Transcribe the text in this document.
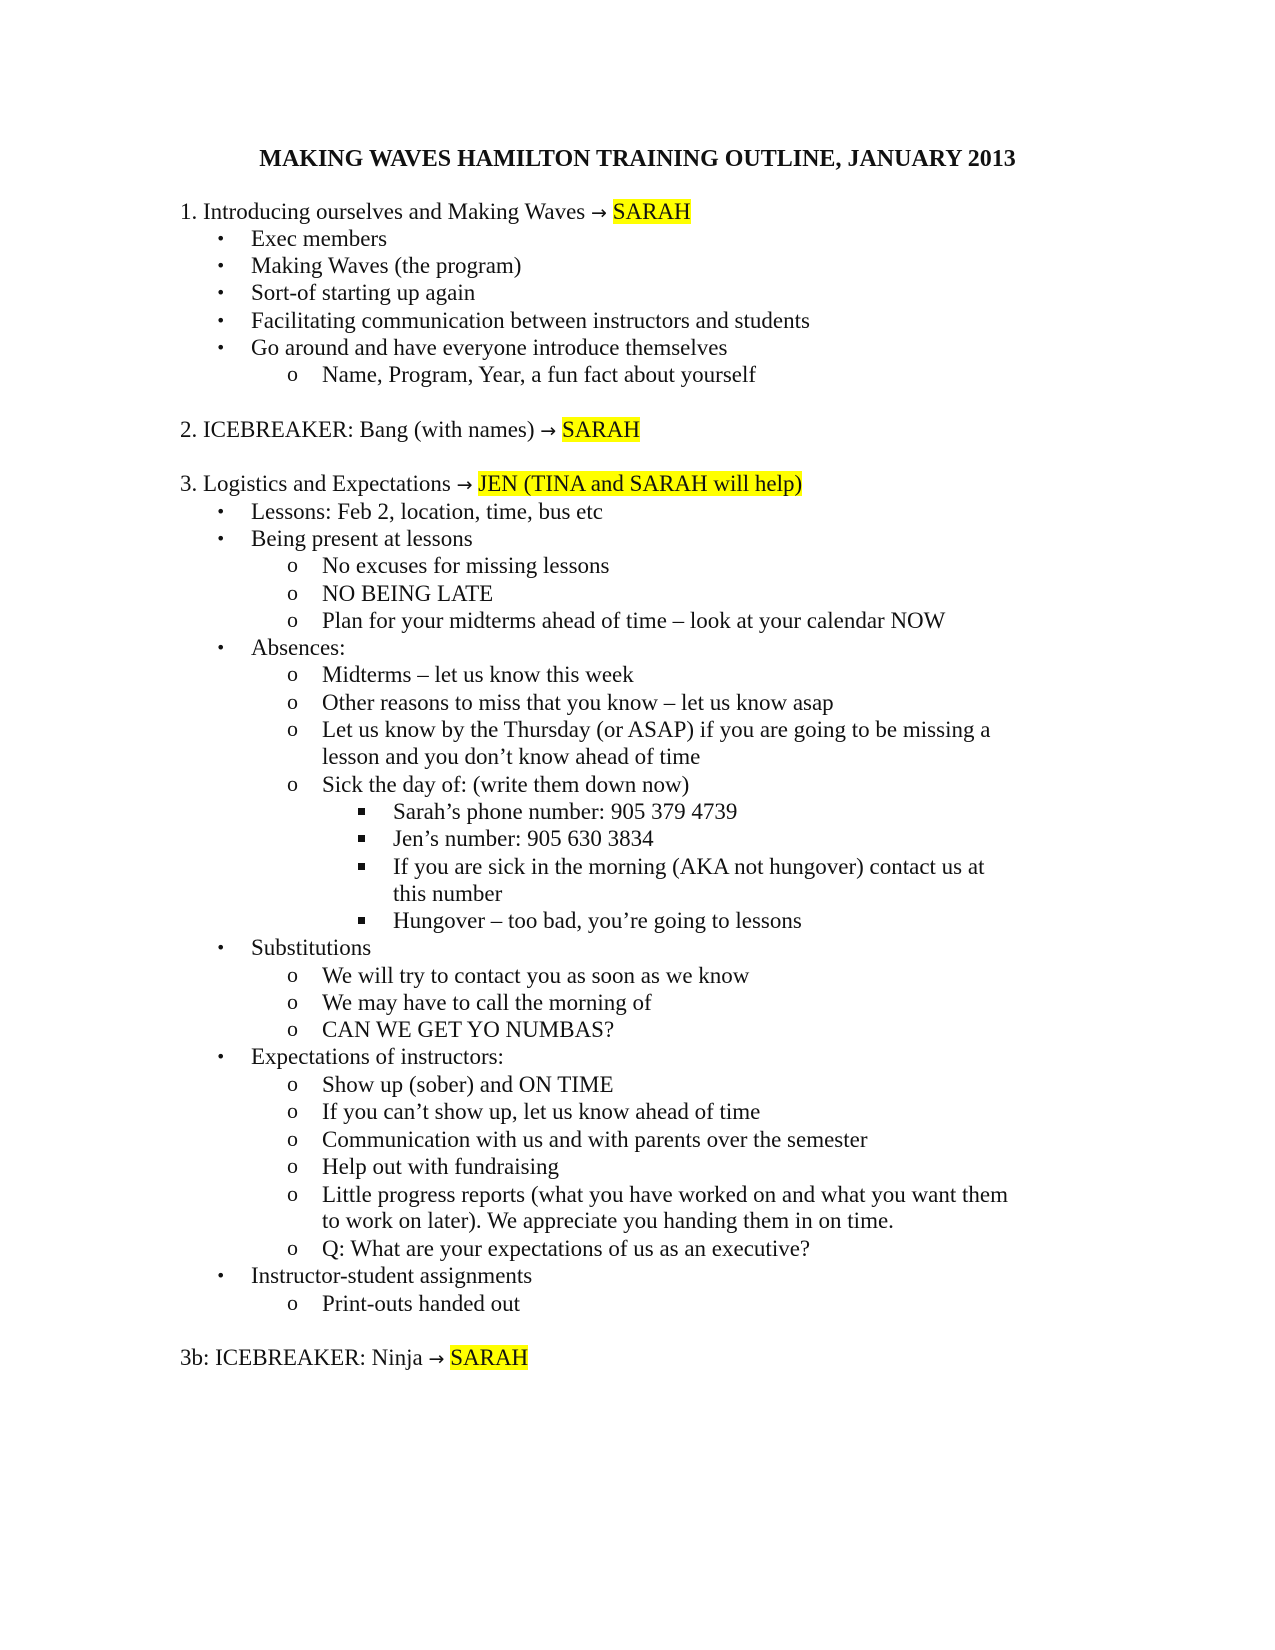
MAKING WAVES HAMILTON TRAINING OUTLINE, JANUARY 2013
1. Introducing ourselves and Making Waves → SARAH
• Exec members
• Making Waves (the program)
• Sort-of starting up again
• Facilitating communication between instructors and students
• Go around and have everyone introduce themselves
o Name, Program, Year, a fun fact about yourself
2. ICEBREAKER: Bang (with names) → SARAH
3. Logistics and Expectations → JEN (TINA and SARAH will help)
• Lessons: Feb 2, location, time, bus etc
• Being present at lessons
o No excuses for missing lessons
o NO BEING LATE
o Plan for your midterms ahead of time – look at your calendar NOW
• Absences:
o Midterms – let us know this week
o Other reasons to miss that you know – let us know asap
o Let us know by the Thursday (or ASAP) if you are going to be missing a
lesson and you don’t know ahead of time
o Sick the day of: (write them down now)
Sarah’s phone number: 905 379 4739
Jen’s number: 905 630 3834
If you are sick in the morning (AKA not hungover) contact us at
this number
Hungover – too bad, you’re going to lessons
• Substitutions
o We will try to contact you as soon as we know
o We may have to call the morning of
o CAN WE GET YO NUMBAS?
• Expectations of instructors:
o Show up (sober) and ON TIME
o If you can’t show up, let us know ahead of time
o Communication with us and with parents over the semester
o Help out with fundraising
o Little progress reports (what you have worked on and what you want them
to work on later). We appreciate you handing them in on time.
o Q: What are your expectations of us as an executive?
• Instructor-student assignments
o Print-outs handed out
3b: ICEBREAKER: Ninja → SARAH
